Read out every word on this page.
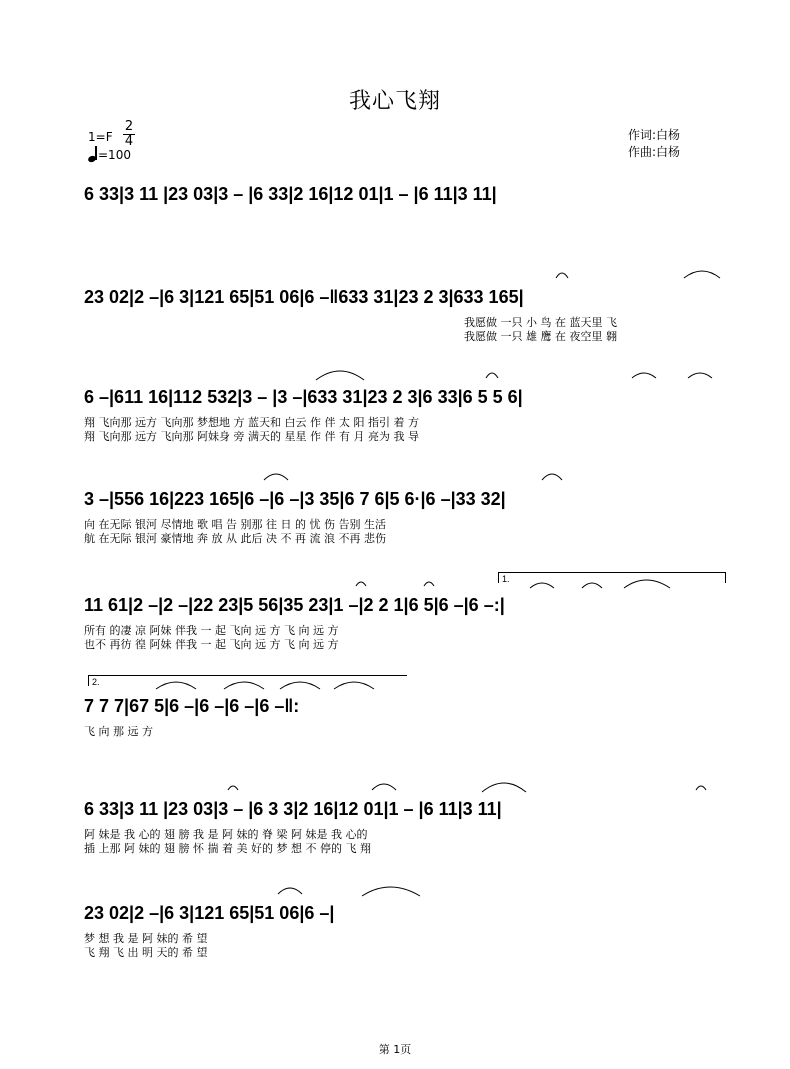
我心飞翔
作词:白杨
作曲:白杨
1=F
2
4
=100
6 33|3 11 |23 03|3 – |6 33|2 16|12 01|1 – |6 11|3 11|
23 02|2 –|6 3|121 65|51 06|6 –‖633 31|23 2 3|633 165|
我愿做 一只 小 鸟 在 蓝天里 飞
我愿做 一只 雄 鹰 在 夜空里 翱
6 –|611 16|112 532|3 – |3 –|633 31|23 2 3|6 33|6 5 5 6|
翔 飞向那 远方 飞向那 梦想地 方 蓝天和 白云 作 伴 太 阳 指引 着 方
翔 飞向那 远方 飞向那 阿妹身 旁 满天的 星星 作 伴 有 月 亮为 我 导
3 –|556 16|223 165|6 –|6 –|3 35|6 7 6|5 6·|6 –|33 32|
向 在无际 银河 尽情地 歌 唱 告 别那 往 日 的 忧 伤 告别 生活
航 在无际 银河 豪情地 奔 放 从 此后 决 不 再 流 浪 不再 悲伤
1.
11 61|2 –|2 –|22 23|5 56|35 23|1 –|2 2 1|6 5|6 –|6 –:|
所有 的凄 凉 阿妹 伴我 一 起 飞向 远 方 飞 向 远 方
也不 再彷 徨 阿妹 伴我 一 起 飞向 远 方 飞 向 远 方
2.
7 7 7|67 5|6 –|6 –|6 –|6 –‖:
飞 向 那 远 方
6 33|3 11 |23 03|3 – |6 3 3|2 16|12 01|1 – |6 11|3 11|
阿 妹是 我 心的 翅 膀 我 是 阿 妹的 脊 梁 阿 妹是 我 心的
插 上那 阿 妹的 翅 膀 怀 揣 着 美 好的 梦 想 不 停的 飞 翔
23 02|2 –|6 3|121 65|51 06|6 –|
梦 想 我 是 阿 妹的 希 望
飞 翔 飞 出 明 天的 希 望
第 1页
